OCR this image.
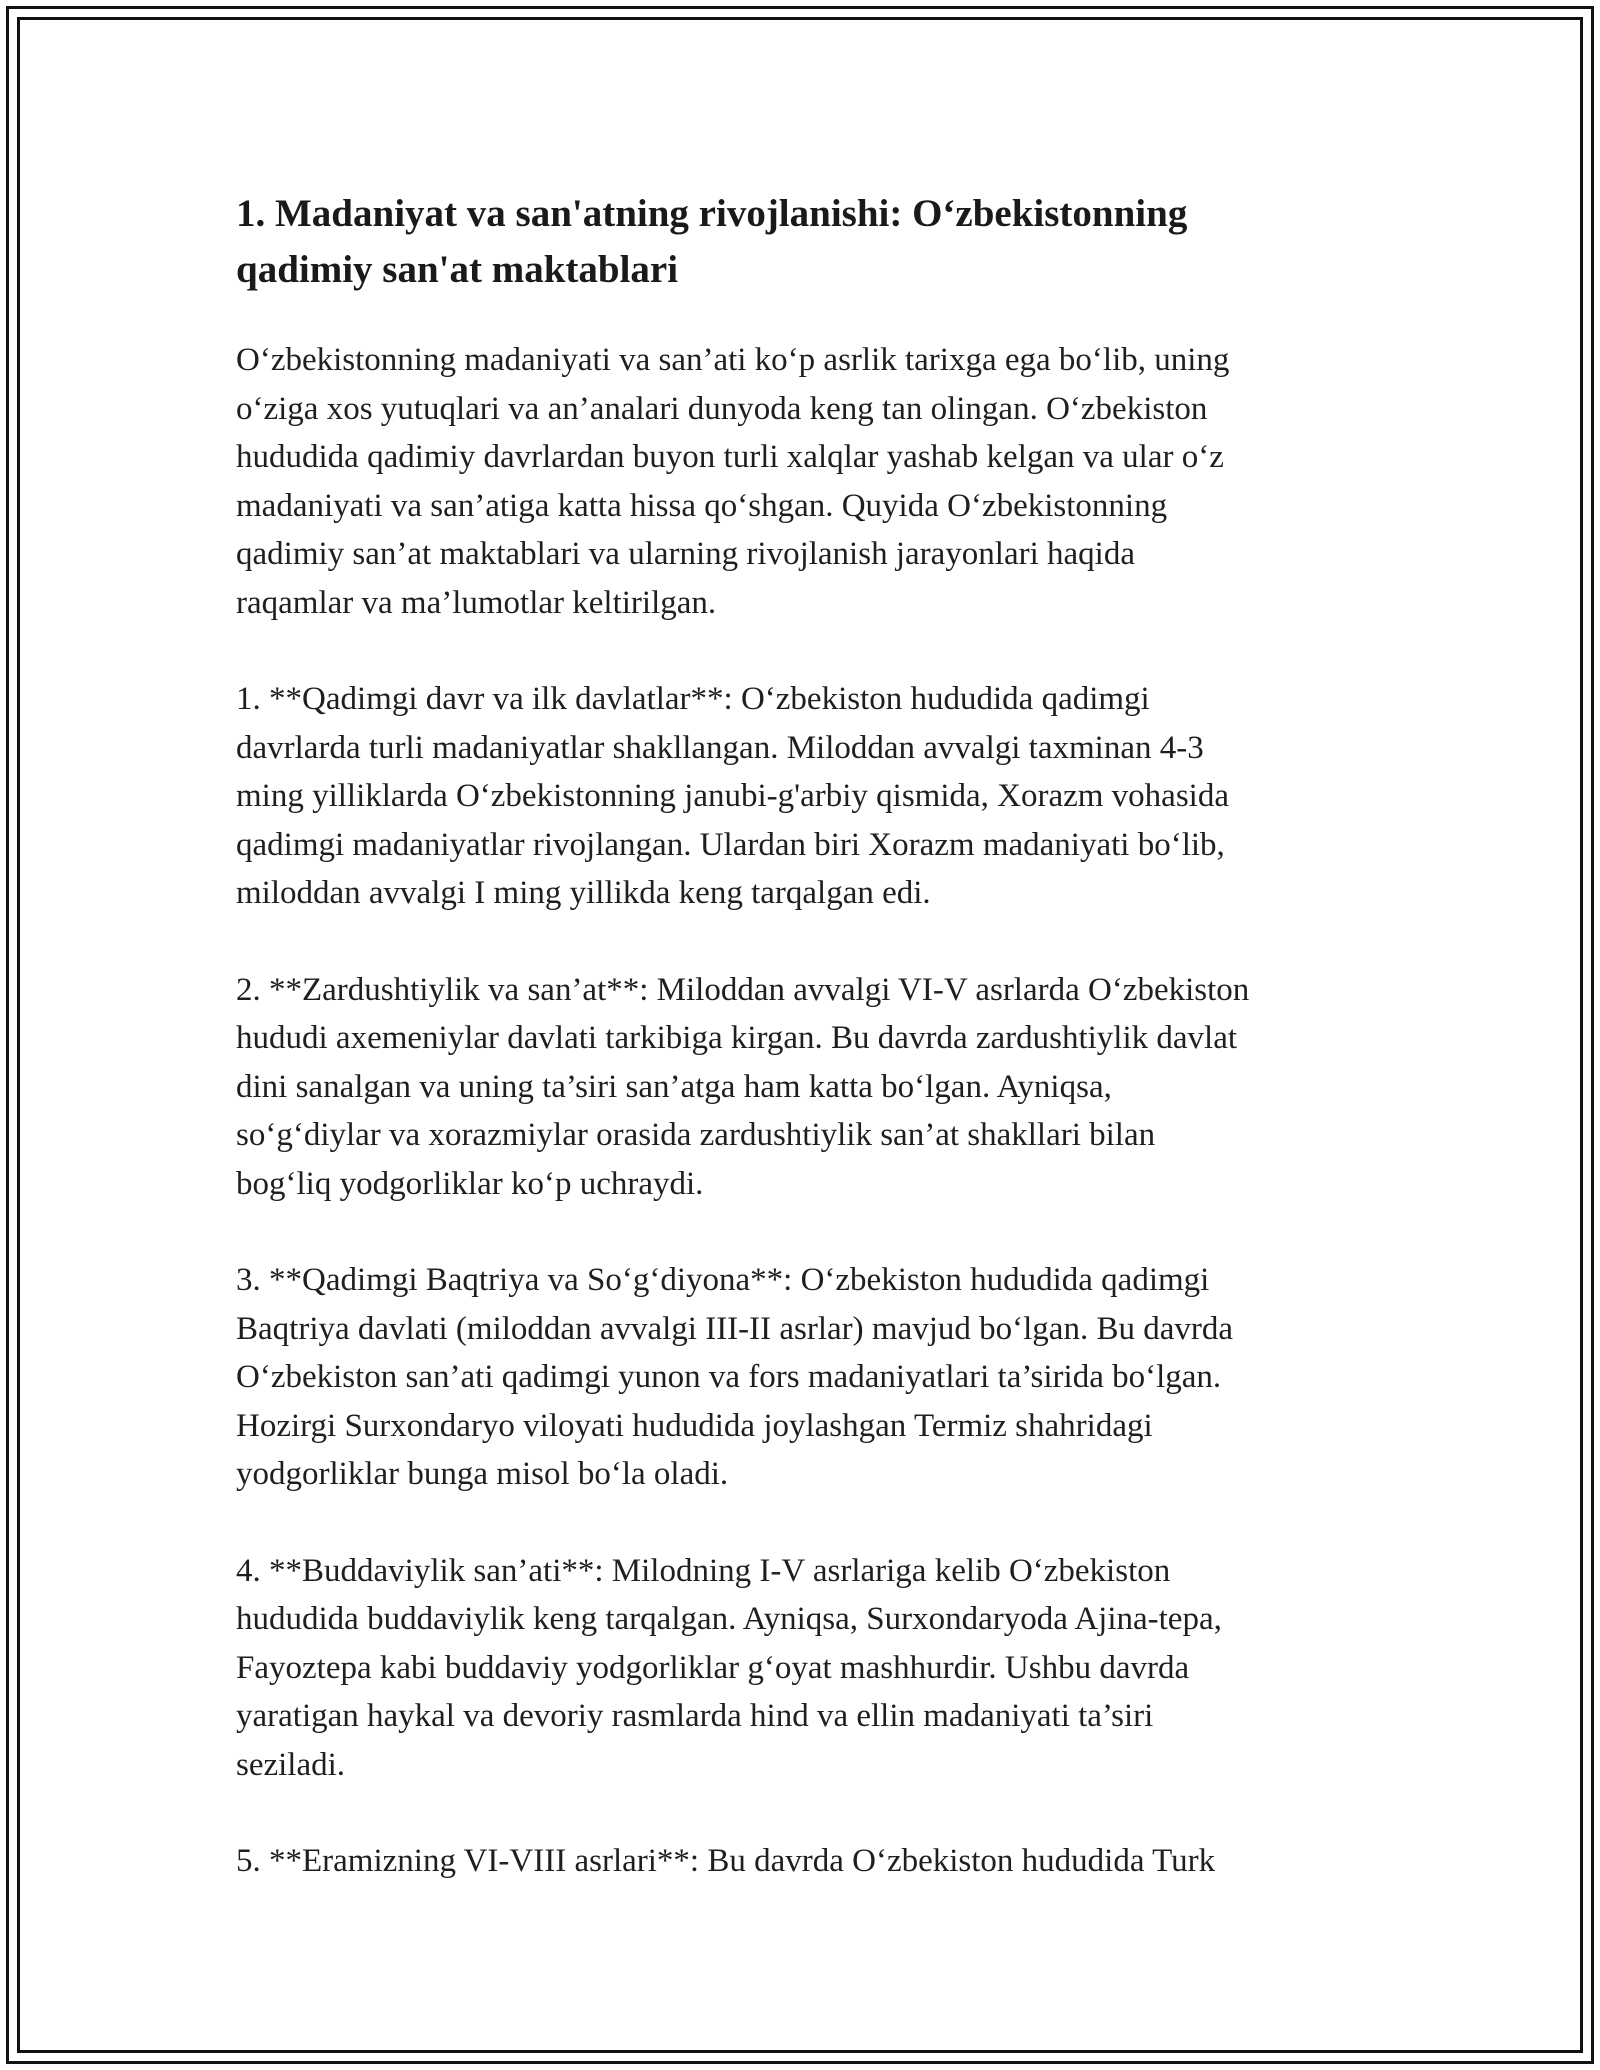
1. Madaniyat va san'atning rivojlanishi: O‘zbekistonning
qadimiy san'at maktablari

O‘zbekistonning madaniyati va san’ati ko‘p asrlik tarixga ega bo‘lib, uning
o‘ziga xos yutuqlari va an’analari dunyoda keng tan olingan. O‘zbekiston
hududida qadimiy davrlardan buyon turli xalqlar yashab kelgan va ular o‘z
madaniyati va san’atiga katta hissa qo‘shgan. Quyida O‘zbekistonning
qadimiy san’at maktablari va ularning rivojlanish jarayonlari haqida
raqamlar va ma’lumotlar keltirilgan.

1. **Qadimgi davr va ilk davlatlar**: O‘zbekiston hududida qadimgi
davrlarda turli madaniyatlar shakllangan. Miloddan avvalgi taxminan 4-3
ming yilliklarda O‘zbekistonning janubi-g'arbiy qismida, Xorazm vohasida
qadimgi madaniyatlar rivojlangan. Ulardan biri Xorazm madaniyati bo‘lib,
miloddan avvalgi I ming yillikda keng tarqalgan edi.

2. **Zardushtiylik va san’at**: Miloddan avvalgi VI-V asrlarda O‘zbekiston
hududi axemeniylar davlati tarkibiga kirgan. Bu davrda zardushtiylik davlat
dini sanalgan va uning ta’siri san’atga ham katta bo‘lgan. Ayniqsa,
so‘g‘diylar va xorazmiylar orasida zardushtiylik san’at shakllari bilan
bog‘liq yodgorliklar ko‘p uchraydi.

3. **Qadimgi Baqtriya va So‘g‘diyona**: O‘zbekiston hududida qadimgi
Baqtriya davlati (miloddan avvalgi III-II asrlar) mavjud bo‘lgan. Bu davrda
O‘zbekiston san’ati qadimgi yunon va fors madaniyatlari ta’sirida bo‘lgan.
Hozirgi Surxondaryo viloyati hududida joylashgan Termiz shahridagi
yodgorliklar bunga misol bo‘la oladi.

4. **Buddaviylik san’ati**: Milodning I-V asrlariga kelib O‘zbekiston
hududida buddaviylik keng tarqalgan. Ayniqsa, Surxondaryoda Ajina-tepa,
Fayoztepa kabi buddaviy yodgorliklar g‘oyat mashhurdir. Ushbu davrda
yaratigan haykal va devoriy rasmlarda hind va ellin madaniyati ta’siri
seziladi.

5. **Eramizning VI-VIII asrlari**: Bu davrda O‘zbekiston hududida Turk
